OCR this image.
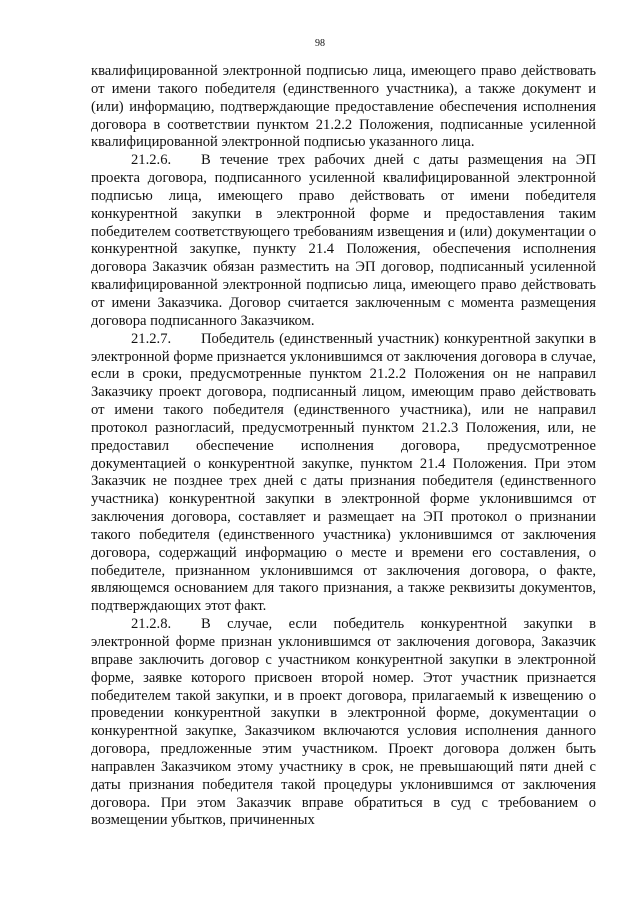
98

квалифицированной электронной подписью лица, имеющего право действовать от имени такого победителя (единственного участника), а также документ и (или) информацию, подтверждающие предоставление обеспечения исполнения договора в соответствии пунктом 21.2.2 Положения, подписанные усиленной квалифицированной электронной подписью указанного лица.

21.2.6. В течение трех рабочих дней с даты размещения на ЭП проекта договора, подписанного усиленной квалифицированной электронной подписью лица, имеющего право действовать от имени победителя конкурентной закупки в электронной форме и предоставления таким победителем соответствующего требованиям извещения и (или) документации о конкурентной закупке, пункту 21.4 Положения, обеспечения исполнения договора Заказчик обязан разместить на ЭП договор, подписанный усиленной квалифицированной электронной подписью лица, имеющего право действовать от имени Заказчика. Договор считается заключенным с момента размещения договора подписанного Заказчиком.

21.2.7. Победитель (единственный участник) конкурентной закупки в электронной форме признается уклонившимся от заключения договора в случае, если в сроки, предусмотренные пунктом 21.2.2 Положения он не направил Заказчику проект договора, подписанный лицом, имеющим право действовать от имени такого победителя (единственного участника), или не направил протокол разногласий, предусмотренный пунктом 21.2.3 Положения, или, не предоставил обеспечение исполнения договора, предусмотренное документацией о конкурентной закупке, пунктом 21.4 Положения. При этом Заказчик не позднее трех дней с даты признания победителя (единственного участника) конкурентной закупки в электронной форме уклонившимся от заключения договора, составляет и размещает на ЭП протокол о признании такого победителя (единственного участника) уклонившимся от заключения договора, содержащий информацию о месте и времени его составления, о победителе, признанном уклонившимся от заключения договора, о факте, являющемся основанием для такого признания, а также реквизиты документов, подтверждающих этот факт.

21.2.8. В случае, если победитель конкурентной закупки в электронной форме признан уклонившимся от заключения договора, Заказчик вправе заключить договор с участником конкурентной закупки в электронной форме, заявке которого присвоен второй номер. Этот участник признается победителем такой закупки, и в проект договора, прилагаемый к извещению о проведении конкурентной закупки в электронной форме, документации о конкурентной закупке, Заказчиком включаются условия исполнения данного договора, предложенные этим участником. Проект договора должен быть направлен Заказчиком этому участнику в срок, не превышающий пяти дней с даты признания победителя такой процедуры уклонившимся от заключения договора. При этом Заказчик вправе обратиться в суд с требованием о возмещении убытков, причиненных
